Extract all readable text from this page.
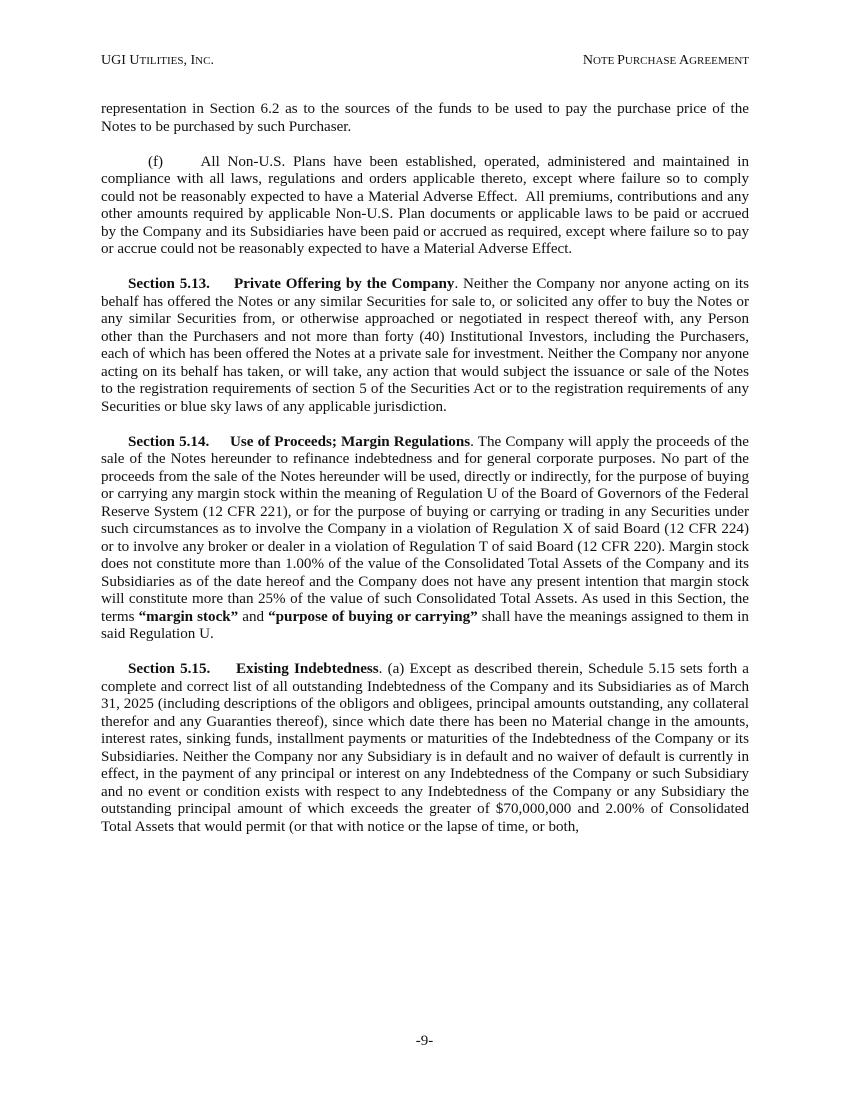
UGI UTILITIES, INC.	NOTE PURCHASE AGREEMENT

representation in Section 6.2 as to the sources of the funds to be used to pay the purchase price of the Notes to be purchased by such Purchaser.

(f)     All Non-U.S. Plans have been established, operated, administered and maintained in compliance with all laws, regulations and orders applicable thereto, except where failure so to comply could not be reasonably expected to have a Material Adverse Effect.  All premiums, contributions and any other amounts required by applicable Non-U.S. Plan documents or applicable laws to be paid or accrued by the Company and its Subsidiaries have been paid or accrued as required, except where failure so to pay or accrue could not be reasonably expected to have a Material Adverse Effect.

Section 5.13. Private Offering by the Company. Neither the Company nor anyone acting on its behalf has offered the Notes or any similar Securities for sale to, or solicited any offer to buy the Notes or any similar Securities from, or otherwise approached or negotiated in respect thereof with, any Person other than the Purchasers and not more than forty (40) Institutional Investors, including the Purchasers, each of which has been offered the Notes at a private sale for investment. Neither the Company nor anyone acting on its behalf has taken, or will take, any action that would subject the issuance or sale of the Notes to the registration requirements of section 5 of the Securities Act or to the registration requirements of any Securities or blue sky laws of any applicable jurisdiction.

Section 5.14. Use of Proceeds; Margin Regulations. The Company will apply the proceeds of the sale of the Notes hereunder to refinance indebtedness and for general corporate purposes. No part of the proceeds from the sale of the Notes hereunder will be used, directly or indirectly, for the purpose of buying or carrying any margin stock within the meaning of Regulation U of the Board of Governors of the Federal Reserve System (12 CFR 221), or for the purpose of buying or carrying or trading in any Securities under such circumstances as to involve the Company in a violation of Regulation X of said Board (12 CFR 224) or to involve any broker or dealer in a violation of Regulation T of said Board (12 CFR 220). Margin stock does not constitute more than 1.00% of the value of the Consolidated Total Assets of the Company and its Subsidiaries as of the date hereof and the Company does not have any present intention that margin stock will constitute more than 25% of the value of such Consolidated Total Assets. As used in this Section, the terms “margin stock” and “purpose of buying or carrying” shall have the meanings assigned to them in said Regulation U.

Section 5.15. Existing Indebtedness. (a) Except as described therein, Schedule 5.15 sets forth a complete and correct list of all outstanding Indebtedness of the Company and its Subsidiaries as of March 31, 2025 (including descriptions of the obligors and obligees, principal amounts outstanding, any collateral therefor and any Guaranties thereof), since which date there has been no Material change in the amounts, interest rates, sinking funds, installment payments or maturities of the Indebtedness of the Company or its Subsidiaries. Neither the Company nor any Subsidiary is in default and no waiver of default is currently in effect, in the payment of any principal or interest on any Indebtedness of the Company or such Subsidiary and no event or condition exists with respect to any Indebtedness of the Company or any Subsidiary the outstanding principal amount of which exceeds the greater of $70,000,000 and 2.00% of Consolidated Total Assets that would permit (or that with notice or the lapse of time, or both,

-9-
